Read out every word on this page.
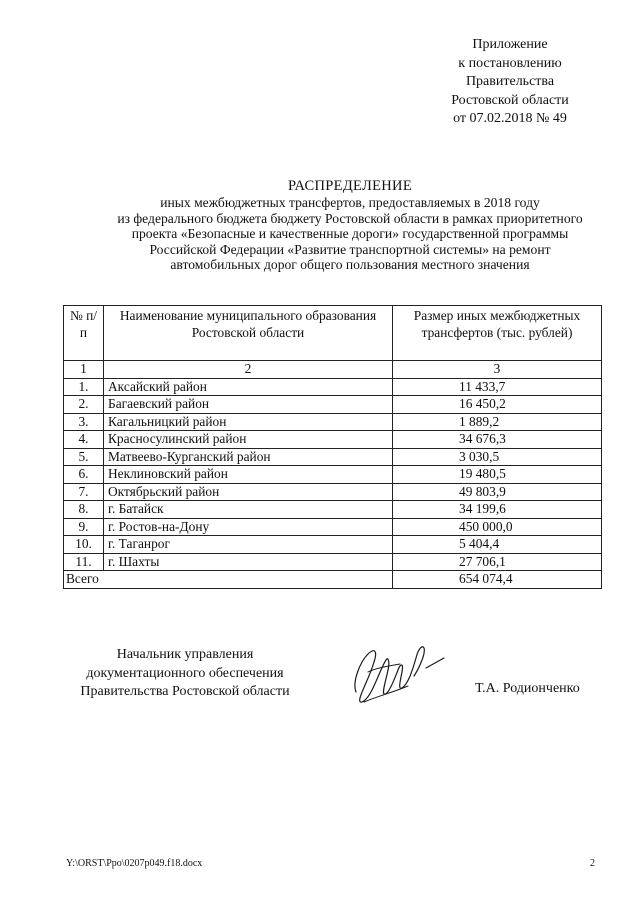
Приложение
к постановлению
Правительства
Ростовской области
от 07.02.2018 № 49
РАСПРЕДЕЛЕНИЕ
иных межбюджетных трансфертов, предоставляемых в 2018 году
из федерального бюджета бюджету Ростовской области в рамках приоритетного
проекта «Безопасные и качественные дороги» государственной программы
Российской Федерации «Развитие транспортной системы» на ремонт
автомобильных дорог общего пользования местного значения
№ п/п	Наименование муниципального образования Ростовской области	Размер иных межбюджетных трансфертов (тыс. рублей)
1	2	3
1.	Аксайский район	11 433,7
2.	Багаевский район	16 450,2
3.	Кагальницкий район	1 889,2
4.	Красносулинский район	34 676,3
5.	Матвеево-Курганский район	3 030,5
6.	Неклиновский район	19 480,5
7.	Октябрьский район	49 803,9
8.	г. Батайск	34 199,6
9.	г. Ростов-на-Дону	450 000,0
10.	г. Таганрог	5 404,4
11.	г. Шахты	27 706,1
Всего		654 074,4
Начальник управления
документационного обеспечения
Правительства Ростовской области	Т.А. Родионченко
Y:\ORST\Ppo\0207p049.f18.docx	2
